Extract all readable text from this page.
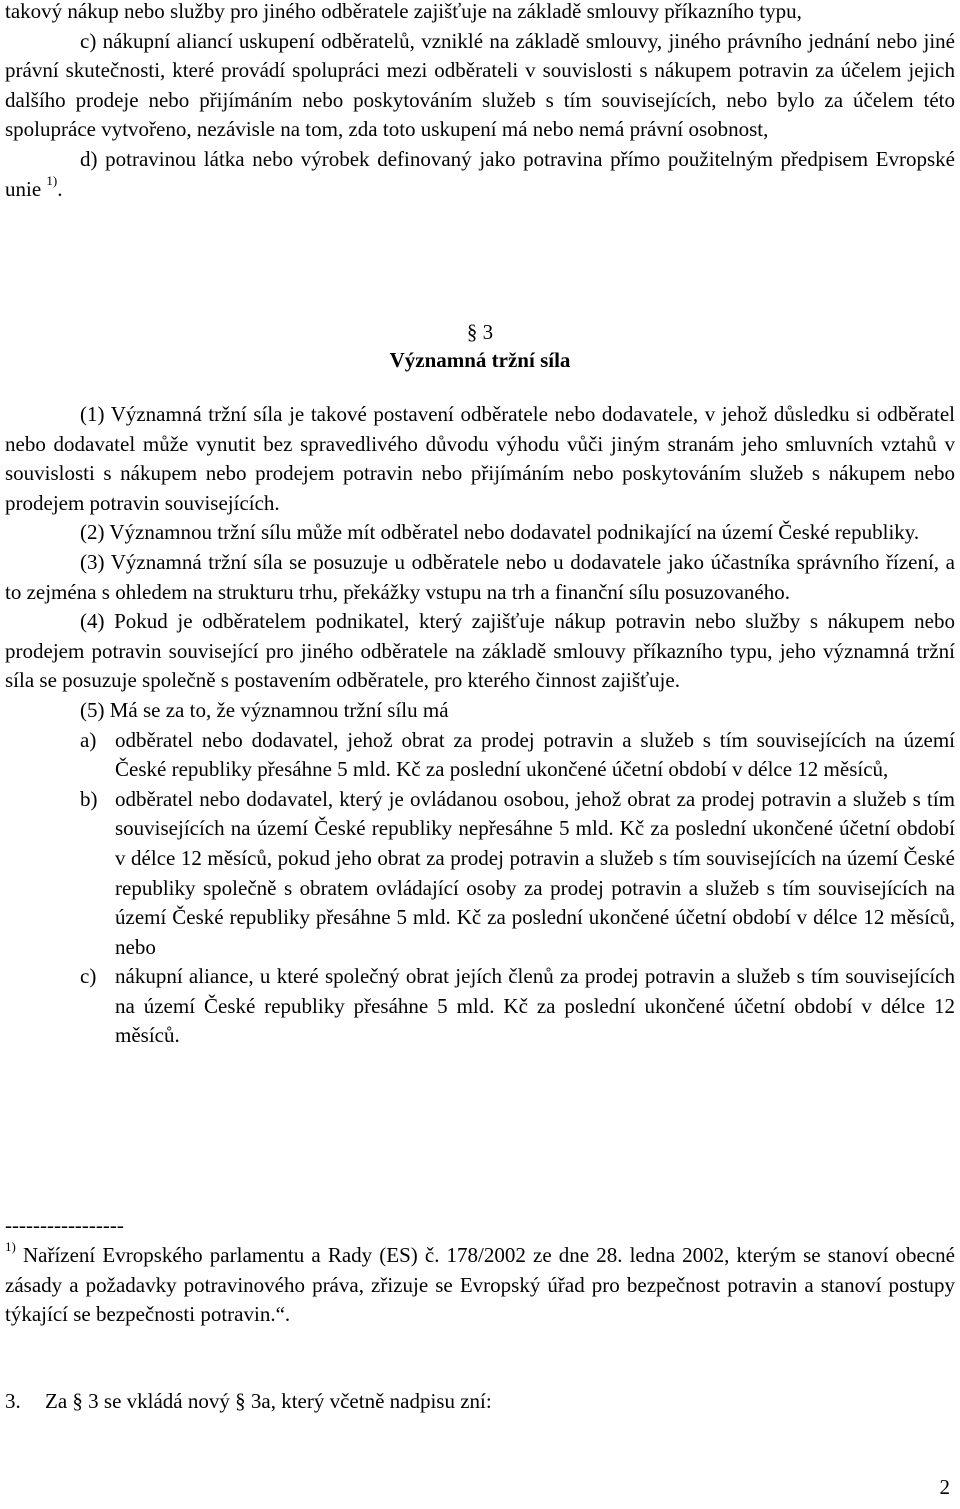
takový nákup nebo služby pro jiného odběratele zajišťuje na základě smlouvy příkazního typu,

c) nákupní aliancí uskupení odběratelů, vzniklé na základě smlouvy, jiného právního jednání nebo jiné právní skutečnosti, které provádí spolupráci mezi odběrateli v souvislosti s nákupem potravin za účelem jejich dalšího prodeje nebo přijímáním nebo poskytováním služeb s tím souvisejících, nebo bylo za účelem této spolupráce vytvořeno, nezávisle na tom, zda toto uskupení má nebo nemá právní osobnost,

d) potravinou látka nebo výrobek definovaný jako potravina přímo použitelným předpisem Evropské unie $^{1)}$.

§ 3
Významná tržní síla

(1) Významná tržní síla je takové postavení odběratele nebo dodavatele, v jehož důsledku si odběratel nebo dodavatel může vynutit bez spravedlivého důvodu výhodu vůči jiným stranám jeho smluvních vztahů v souvislosti s nákupem nebo prodejem potravin nebo přijímáním nebo poskytováním služeb s nákupem nebo prodejem potravin souvisejících.

(2) Významnou tržní sílu může mít odběratel nebo dodavatel podnikající na území České republiky.

(3) Významná tržní síla se posuzuje u odběratele nebo u dodavatele jako účastníka správního řízení, a to zejména s ohledem na strukturu trhu, překážky vstupu na trh a finanční sílu posuzovaného.

(4) Pokud je odběratelem podnikatel, který zajišťuje nákup potravin nebo služby s nákupem nebo prodejem potravin související pro jiného odběratele na základě smlouvy příkazního typu, jeho významná tržní síla se posuzuje společně s postavením odběratele, pro kterého činnost zajišťuje.

(5) Má se za to, že významnou tržní sílu má

a) odběratel nebo dodavatel, jehož obrat za prodej potravin a služeb s tím souvisejících na území České republiky přesáhne 5 mld. Kč za poslední ukončené účetní období v délce 12 měsíců,
b) odběratel nebo dodavatel, který je ovládanou osobou, jehož obrat za prodej potravin a služeb s tím souvisejících na území České republiky nepřesáhne 5 mld. Kč za poslední ukončené účetní období v délce 12 měsíců, pokud jeho obrat za prodej potravin a služeb s tím souvisejících na území České republiky společně s obratem ovládající osoby za prodej potravin a služeb s tím souvisejících na území České republiky přesáhne 5 mld. Kč za poslední ukončené účetní období v délce 12 měsíců, nebo
c) nákupní aliance, u které společný obrat jejích členů za prodej potravin a služeb s tím souvisejících na území České republiky přesáhne 5 mld. Kč za poslední ukončené účetní období v délce 12 měsíců.
-----------------

$^{1)}$ Nařízení Evropského parlamentu a Rady (ES) č. 178/2002 ze dne 28. ledna 2002, kterým se stanoví obecné zásady a požadavky potravinového práva, zřizuje se Evropský úřad pro bezpečnost potravin a stanoví postupy týkající se bezpečnosti potravin.“.

3. Za § 3 se vkládá nový § 3a, který včetně nadpisu zní:
2
